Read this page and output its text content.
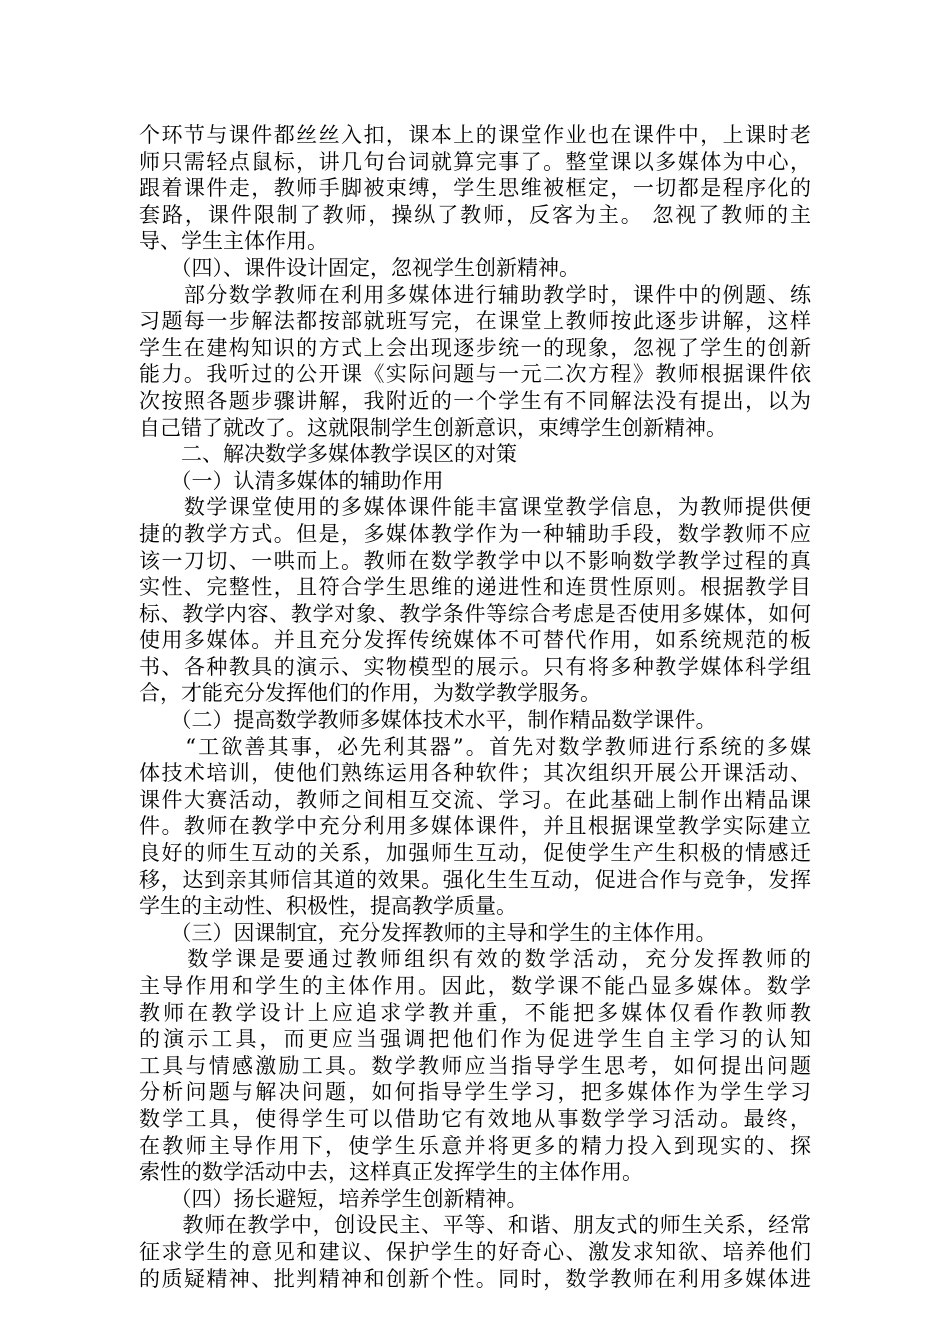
个环节与课件都丝丝入扣，课本上的课堂作业也在课件中，上课时老
师只需轻点鼠标，讲几句台词就算完事了。整堂课以多媒体为中心，
跟着课件走，教师手脚被束缚，学生思维被框定，一切都是程序化的
套路，课件限制了教师，操纵了教师，反客为主。 忽视了教师的主
导、学生主体作用。
　　（四）、课件设计固定，忽视学生创新精神。
　　部分数学教师在利用多媒体进行辅助教学时，课件中的例题、练
习题每一步解法都按部就班写完，在课堂上教师按此逐步讲解，这样
学生在建构知识的方式上会出现逐步统一的现象，忽视了学生的创新
能力。我听过的公开课《实际问题与一元二次方程》教师根据课件依
次按照各题步骤讲解，我附近的一个学生有不同解法没有提出，以为
自己错了就改了。这就限制学生创新意识，束缚学生创新精神。
　　二、解决数学多媒体教学误区的对策
　　（一）认清多媒体的辅助作用
　　数学课堂使用的多媒体课件能丰富课堂教学信息，为教师提供便
捷的教学方式。但是，多媒体教学作为一种辅助手段，数学教师不应
该一刀切、一哄而上。教师在数学教学中以不影响数学教学过程的真
实性、完整性，且符合学生思维的递进性和连贯性原则。根据教学目
标、教学内容、教学对象、教学条件等综合考虑是否使用多媒体，如何
使用多媒体。并且充分发挥传统媒体不可替代作用，如系统规范的板
书、各种教具的演示、实物模型的展示。只有将多种教学媒体科学组
合，才能充分发挥他们的作用，为数学教学服务。
　　（二）提高数学教师多媒体技术水平，制作精品数学课件。
　　“工欲善其事，必先利其器”。首先对数学教师进行系统的多媒
体技术培训，使他们熟练运用各种软件；其次组织开展公开课活动、
课件大赛活动，教师之间相互交流、学习。在此基础上制作出精品课
件。教师在教学中充分利用多媒体课件，并且根据课堂教学实际建立
良好的师生互动的关系，加强师生互动，促使学生产生积极的情感迁
移，达到亲其师信其道的效果。强化生生互动，促进合作与竞争，发挥
学生的主动性、积极性，提高教学质量。
　　（三）因课制宜，充分发挥教师的主导和学生的主体作用。
　　数学课是要通过教师组织有效的数学活动，充分发挥教师的
主导作用和学生的主体作用。因此，数学课不能凸显多媒体。数学
教师在教学设计上应追求学教并重，不能把多媒体仅看作教师教
的演示工具，而更应当强调把他们作为促进学生自主学习的认知
工具与情感激励工具。数学教师应当指导学生思考，如何提出问题
分析问题与解决问题，如何指导学生学习，把多媒体作为学生学习
数学工具，使得学生可以借助它有效地从事数学学习活动。最终，
在教师主导作用下，使学生乐意并将更多的精力投入到现实的、探
索性的数学活动中去，这样真正发挥学生的主体作用。
　　（四）扬长避短，培养学生创新精神。
　　教师在教学中，创设民主、平等、和谐、朋友式的师生关系，经常
征求学生的意见和建议、保护学生的好奇心、激发求知欲、培养他们
的质疑精神、批判精神和创新个性。同时，数学教师在利用多媒体进
